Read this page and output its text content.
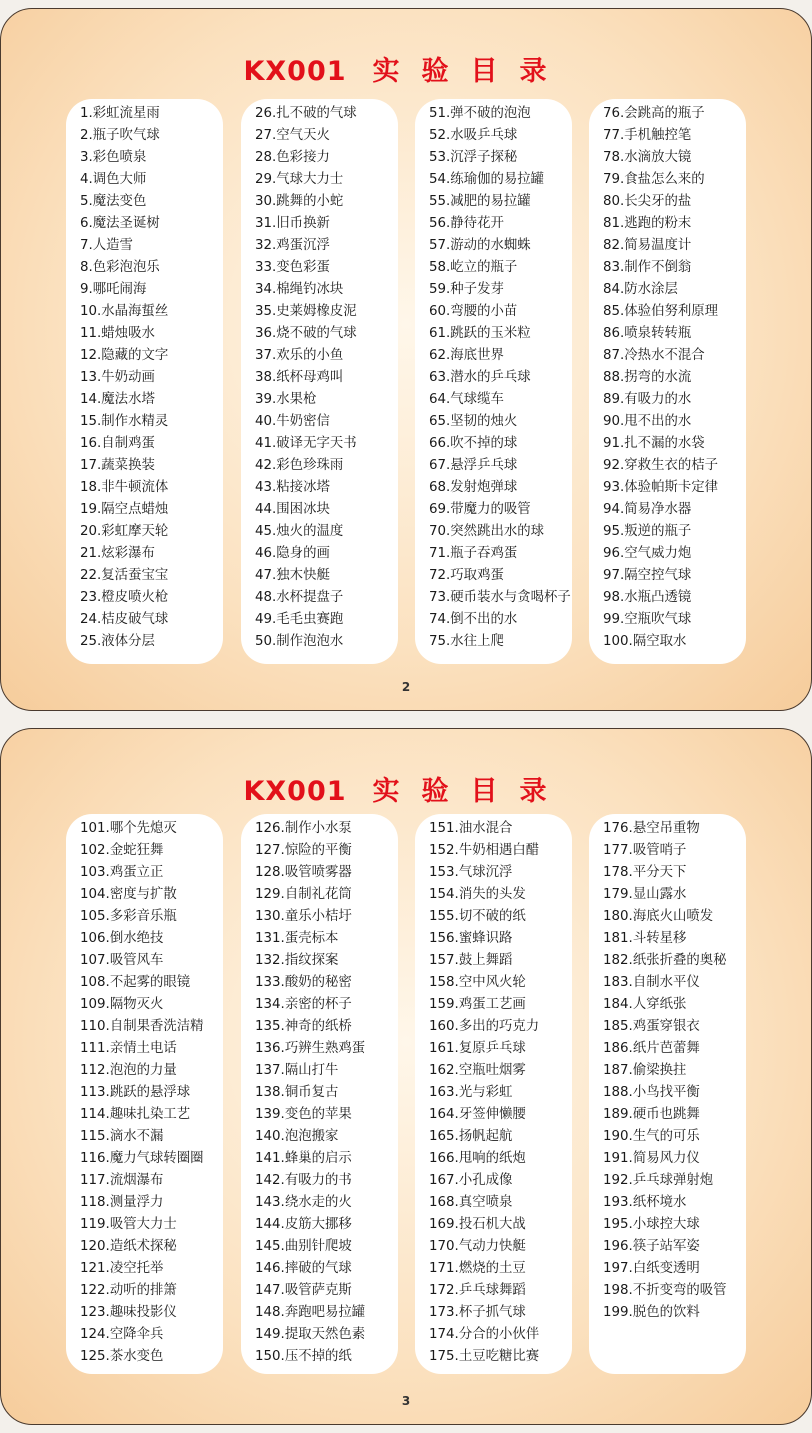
KX001 实验目录
1.彩虹流星雨
2.瓶子吹气球
3.彩色喷泉
4.调色大师
5.魔法变色
6.魔法圣诞树
7.人造雪
8.色彩泡泡乐
9.哪吒闹海
10.水晶海蜇丝
11.蜡烛吸水
12.隐藏的文字
13.牛奶动画
14.魔法水塔
15.制作水精灵
16.自制鸡蛋
17.蔬菜换装
18.非牛顿流体
19.隔空点蜡烛
20.彩虹摩天轮
21.炫彩瀑布
22.复活蚕宝宝
23.橙皮喷火枪
24.桔皮破气球
25.液体分层
26.扎不破的气球
27.空气天火
28.色彩接力
29.气球大力士
30.跳舞的小蛇
31.旧币换新
32.鸡蛋沉浮
33.变色彩蛋
34.棉绳钓冰块
35.史莱姆橡皮泥
36.烧不破的气球
37.欢乐的小鱼
38.纸杯母鸡叫
39.水果枪
40.牛奶密信
41.破译无字天书
42.彩色珍珠雨
43.粘接冰塔
44.围困冰块
45.烛火的温度
46.隐身的画
47.独木快艇
48.水杯提盘子
49.毛毛虫赛跑
50.制作泡泡水
51.弹不破的泡泡
52.水吸乒乓球
53.沉浮子探秘
54.练瑜伽的易拉罐
55.减肥的易拉罐
56.静待花开
57.游动的水蜘蛛
58.屹立的瓶子
59.种子发芽
60.弯腰的小苗
61.跳跃的玉米粒
62.海底世界
63.潜水的乒乓球
64.气球缆车
65.坚韧的烛火
66.吹不掉的球
67.悬浮乒乓球
68.发射炮弹球
69.带魔力的吸管
70.突然跳出水的球
71.瓶子吞鸡蛋
72.巧取鸡蛋
73.硬币装水与贪喝杯子
74.倒不出的水
75.水往上爬
76.会跳高的瓶子
77.手机触控笔
78.水滴放大镜
79.食盐怎么来的
80.长尖牙的盐
81.逃跑的粉末
82.简易温度计
83.制作不倒翁
84.防水涂层
85.体验伯努利原理
86.喷泉转转瓶
87.冷热水不混合
88.拐弯的水流
89.有吸力的水
90.甩不出的水
91.扎不漏的水袋
92.穿救生衣的桔子
93.体验帕斯卡定律
94.简易净水器
95.叛逆的瓶子
96.空气威力炮
97.隔空控气球
98.水瓶凸透镜
99.空瓶吹气球
100.隔空取水
2
KX001 实验目录
101.哪个先熄灭
102.金蛇狂舞
103.鸡蛋立正
104.密度与扩散
105.多彩音乐瓶
106.倒水绝技
107.吸管风车
108.不起雾的眼镜
109.隔物灭火
110.自制果香洗洁精
111.亲情土电话
112.泡泡的力量
113.跳跃的悬浮球
114.趣味扎染工艺
115.滴水不漏
116.魔力气球转圈圈
117.流烟瀑布
118.测量浮力
119.吸管大力士
120.造纸术探秘
121.凌空托举
122.动听的排箫
123.趣味投影仪
124.空降伞兵
125.茶水变色
126.制作小水泵
127.惊险的平衡
128.吸管喷雾器
129.自制礼花筒
130.童乐小桔圩
131.蛋壳标本
132.指纹探案
133.酸奶的秘密
134.亲密的杯子
135.神奇的纸桥
136.巧辨生熟鸡蛋
137.隔山打牛
138.铜币复古
139.变色的苹果
140.泡泡搬家
141.蜂巢的启示
142.有吸力的书
143.绕水走的火
144.皮筋大挪移
145.曲别针爬坡
146.摔破的气球
147.吸管萨克斯
148.奔跑吧易拉罐
149.提取天然色素
150.压不掉的纸
151.油水混合
152.牛奶相遇白醋
153.气球沉浮
154.消失的头发
155.切不破的纸
156.蜜蜂识路
157.鼓上舞蹈
158.空中风火轮
159.鸡蛋工艺画
160.多出的巧克力
161.复原乒乓球
162.空瓶吐烟雾
163.光与彩虹
164.牙签伸懒腰
165.扬帆起航
166.甩响的纸炮
167.小孔成像
168.真空喷泉
169.投石机大战
170.气动力快艇
171.燃烧的土豆
172.乒乓球舞蹈
173.杯子抓气球
174.分合的小伙伴
175.土豆吃糖比赛
176.悬空吊重物
177.吸管哨子
178.平分天下
179.显山露水
180.海底火山喷发
181.斗转星移
182.纸张折叠的奥秘
183.自制水平仪
184.人穿纸张
185.鸡蛋穿银衣
186.纸片芭蕾舞
187.偷梁换拄
188.小鸟找平衡
189.硬币也跳舞
190.生气的可乐
191.简易风力仪
192.乒乓球弹射炮
193.纸杯境水
195.小球控大球
196.筷子站军姿
197.白纸变透明
198.不折变弯的吸管
199.脱色的饮料
3
